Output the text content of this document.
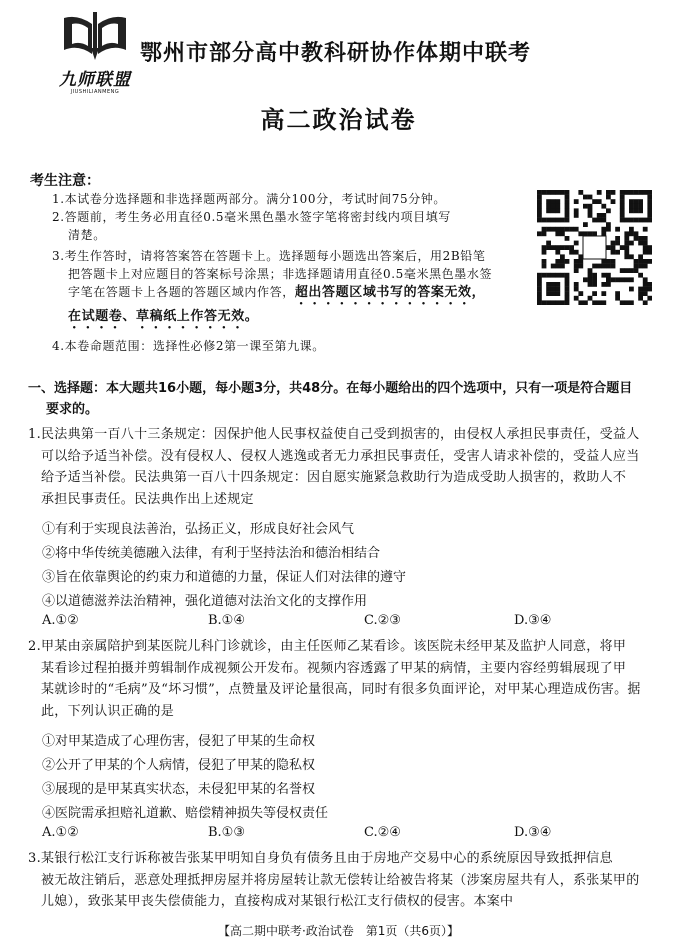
九师联盟
JIUSHILIANMENG
鄂州市部分高中教科研协作体期中联考
高二政治试卷
考生注意：
1.本试卷分选择题和非选择题两部分。满分100分，考试时间75分钟。
2.答题前，考生务必用直径0.5毫米黑色墨水签字笔将密封线内项目填写
清楚。
3.考生作答时，请将答案答在答题卡上。选择题每小题选出答案后，用2B铅笔
把答题卡上对应题目的答案标号涂黑；非选择题请用直径0.5毫米黑色墨水签
字笔在答题卡上各题的答题区域内作答，超出答题区域书写的答案无效，
在试题卷、草稿纸上作答无效。
4.本卷命题范围：选择性必修2第一课至第九课。
一、选择题：本大题共16小题，每小题3分，共48分。在每小题给出的四个选项中，只有一项是符合题目
要求的。
1.民法典第一百八十三条规定：因保护他人民事权益使自己受到损害的，由侵权人承担民事责任，受益人
可以给予适当补偿。没有侵权人、侵权人逃逸或者无力承担民事责任，受害人请求补偿的，受益人应当
给予适当补偿。民法典第一百八十四条规定：因自愿实施紧急救助行为造成受助人损害的，救助人不
承担民事责任。民法典作出上述规定
①有利于实现良法善治，弘扬正义，形成良好社会风气
②将中华传统美德融入法律，有利于坚持法治和德治相结合
③旨在依靠舆论的约束力和道德的力量，保证人们对法律的遵守
④以道德滋养法治精神，强化道德对法治文化的支撑作用
A.①②	B.①④	C.②③	D.③④
2.甲某由亲属陪护到某医院儿科门诊就诊，由主任医师乙某看诊。该医院未经甲某及监护人同意，将甲
某看诊过程拍摄并剪辑制作成视频公开发布。视频内容透露了甲某的病情，主要内容经剪辑展现了甲
某就诊时的“毛病”及“坏习惯”，点赞量及评论量很高，同时有很多负面评论，对甲某心理造成伤害。据
此，下列认识正确的是
①对甲某造成了心理伤害，侵犯了甲某的生命权
②公开了甲某的个人病情，侵犯了甲某的隐私权
③展现的是甲某真实状态，未侵犯甲某的名誉权
④医院需承担赔礼道歉、赔偿精神损失等侵权责任
A.①②	B.①③	C.②④	D.③④
3.某银行松江支行诉称被告张某甲明知自身负有债务且由于房地产交易中心的系统原因导致抵押信息
被无故注销后，恶意处理抵押房屋并将房屋转让款无偿转让给被告将某（涉案房屋共有人，系张某甲的
儿媳），致张某甲丧失偿债能力，直接构成对某银行松江支行债权的侵害。本案中
【高二期中联考·政治试卷　第1页（共6页）】
